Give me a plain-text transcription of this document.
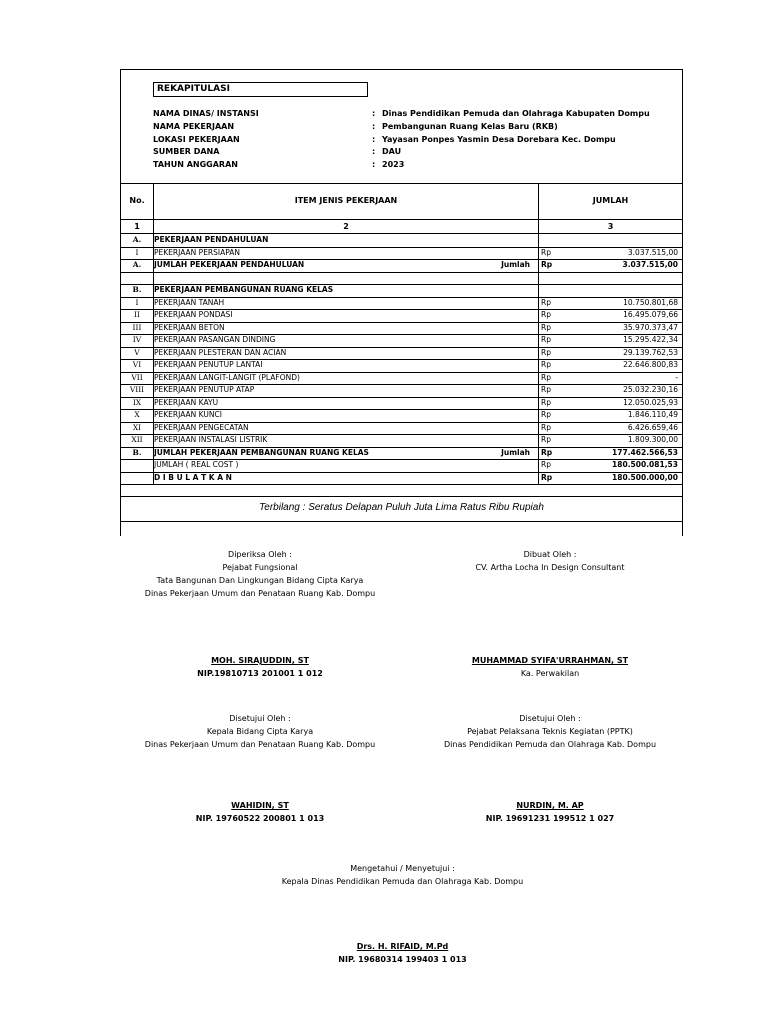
REKAPITULASI
NAMA DINAS/ INSTANSI	: Dinas Pendidikan Pemuda dan Olahraga Kabupaten Dompu
NAMA PEKERJAAN	: Pembangunan Ruang Kelas Baru (RKB)
LOKASI PEKERJAAN	: Yayasan Ponpes Yasmin Desa Dorebara Kec. Dompu
SUMBER DANA	: DAU
TAHUN ANGGARAN	: 2023
No.	ITEM JENIS PEKERJAAN	JUMLAH
1	2	3
A.	PEKERJAAN PENDAHULUAN
I	PEKERJAAN PERSIAPAN	Rp	3.037.515,00
A.	JUMLAH PEKERJAAN PENDAHULUAN	Jumlah Rp	3.037.515,00
B.	PEKERJAAN PEMBANGUNAN RUANG KELAS
I	PEKERJAAN TANAH	Rp	10.750.801,68
II	PEKERJAAN PONDASI	Rp	16.495.079,66
III	PEKERJAAN BETON	Rp	35.970.373,47
IV	PEKERJAAN PASANGAN DINDING	Rp	15.295.422,34
V	PEKERJAAN PLESTERAN DAN ACIAN	Rp	29.139.762,53
VI	PEKERJAAN PENUTUP LANTAI	Rp	22.646.800,83
VII	PEKERJAAN LANGIT-LANGIT (PLAFOND)	Rp	-
VIII	PEKERJAAN PENUTUP ATAP	Rp	25.032.230,16
IX	PEKERJAAN KAYU	Rp	12.050.025,93
X	PEKERJAAN KUNCI	Rp	1.846.110,49
XI	PEKERJAAN PENGECATAN	Rp	6.426.659,46
XII	PEKERJAAN INSTALASI LISTRIK	Rp	1.809.300,00
B.	JUMLAH PEKERJAAN PEMBANGUNAN RUANG KELAS	Jumlah Rp	177.462.566,53
JUMLAH ( REAL COST )	Rp	180.500.081,53
D I B U L A T K A N	Rp	180.500.000,00
Terbilang : Seratus Delapan Puluh Juta Lima Ratus Ribu Rupiah
Diperiksa Oleh :
Pejabat Fungsional
Tata Bangunan Dan Lingkungan Bidang Cipta Karya
Dinas Pekerjaan Umum dan Penataan Ruang Kab. Dompu
MOH. SIRAJUDDIN, ST
NIP.19810713 201001 1 012
Dibuat Oleh :
CV. Artha Locha In Design Consultant
MUHAMMAD SYIFA'URRAHMAN, ST
Ka. Perwakilan
Disetujui Oleh :
Kepala Bidang Cipta Karya
Dinas Pekerjaan Umum dan Penataan Ruang Kab. Dompu
WAHIDIN, ST
NIP. 19760522 200801 1 013
Disetujui Oleh :
Pejabat Pelaksana Teknis Kegiatan (PPTK)
Dinas Pendidikan Pemuda dan Olahraga Kab. Dompu
NURDIN, M. AP
NIP. 19691231 199512 1 027
Mengetahui / Menyetujui :
Kepala Dinas Pendidikan Pemuda dan Olahraga Kab. Dompu
Drs. H. RIFAID, M.Pd
NIP. 19680314 199403 1 013
